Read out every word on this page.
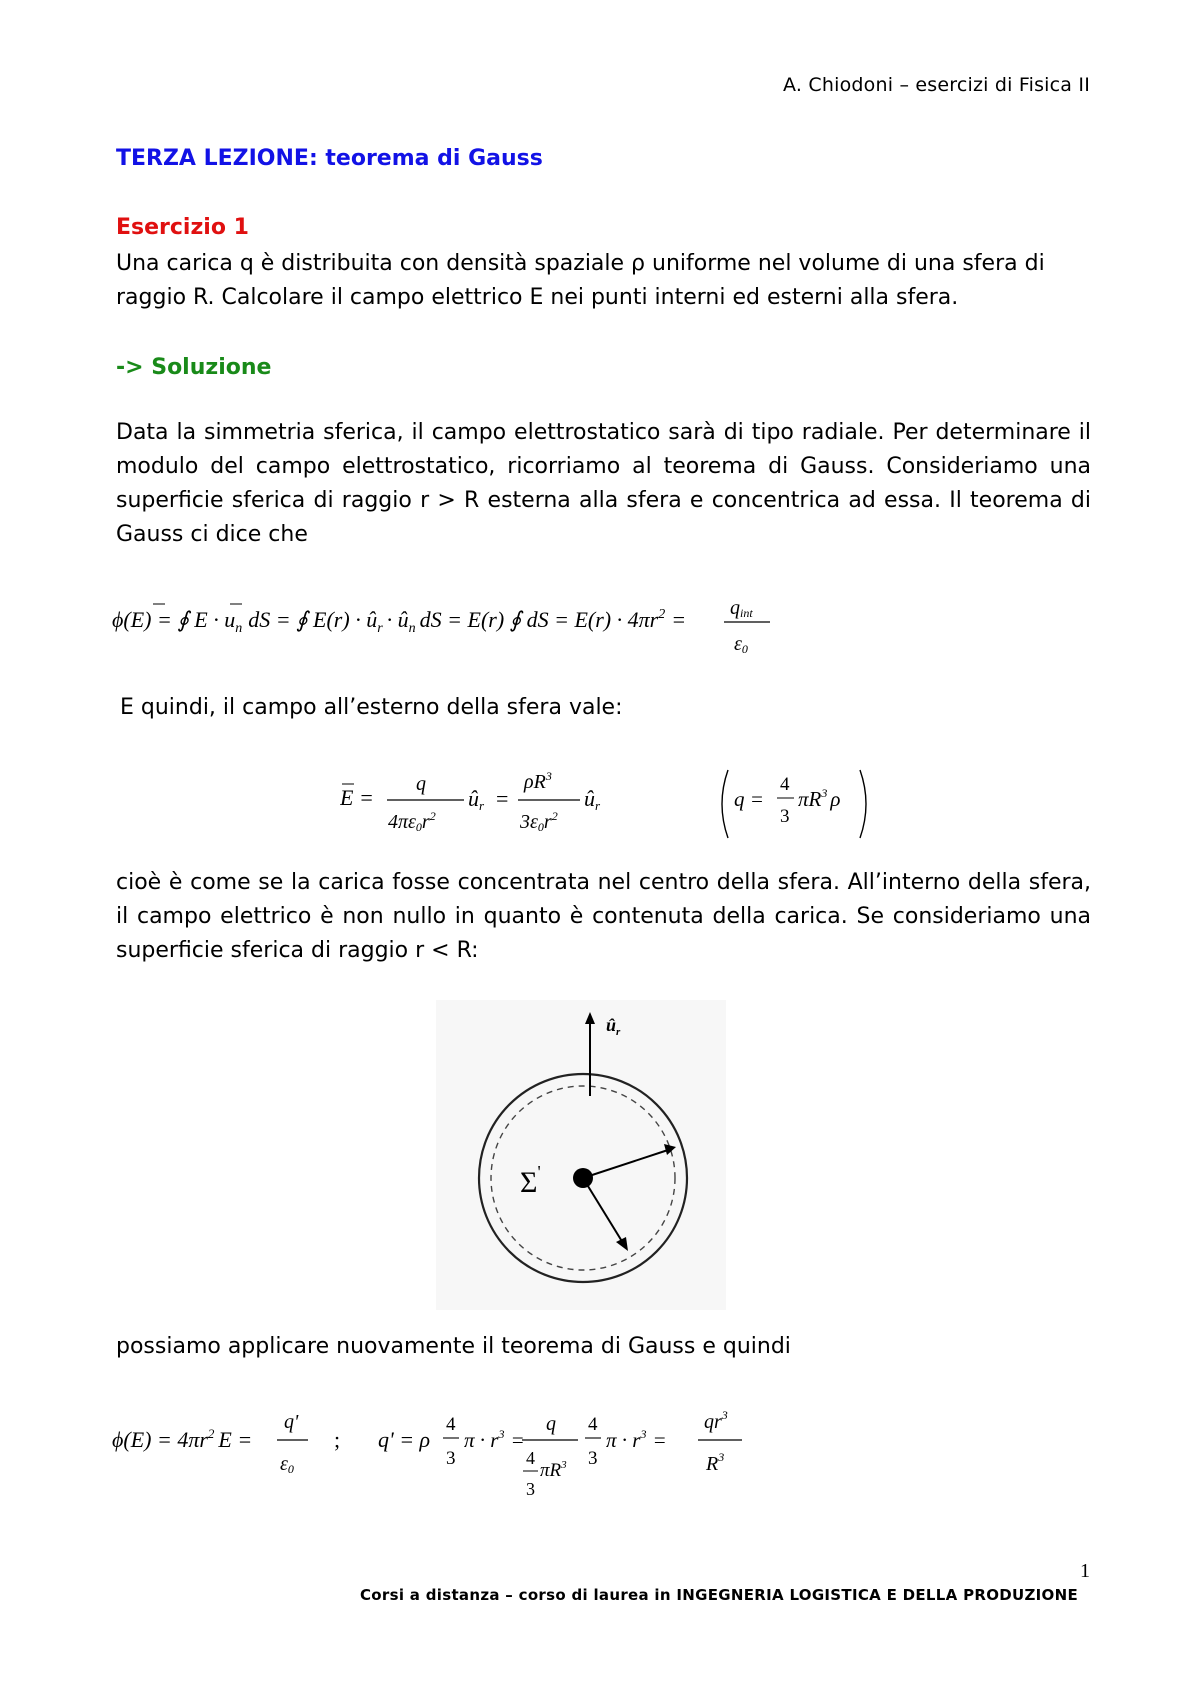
A. Chiodoni – esercizi di Fisica II
TERZA LEZIONE: teorema di Gauss
Esercizio 1
Una carica q è distribuita con densità spaziale ρ uniforme nel volume di una sfera di raggio R. Calcolare il campo elettrico E nei punti interni ed esterni alla sfera.
-> Soluzione
Data la simmetria sferica, il campo elettrostatico sarà di tipo radiale. Per determinare il modulo del campo elettrostatico, ricorriamo al teorema di Gauss. Consideriamo una superficie sferica di raggio r > R esterna alla sfera e concentrica ad essa. Il teorema di Gauss ci dice che
ϕ(E) = ∮ $E \cdot u_n$ dS = ∮ $E(r) \cdot û_r$ · $û_n$ dS = E(r) ∮ dS = $E(r) \cdot 4\pi r^2$ = qint
ε0
E quindi, il campo all’esterno della sfera vale:
E =
q
$4\pi\varepsilon 0r^2$
ûr =
$\rho R^3$
$3\varepsilon 0r^2$
ûr	q =
4
3
$\pi R^3$ ρ
cioè è come se la carica fosse concentrata nel centro della sfera. All’interno della sfera, il campo elettrico è non nullo in quanto è contenuta della carica. Se consideriamo una superficie sferica di raggio r < R:
$û_r$
Σ'
possiamo applicare nuovamente il teorema di Gauss e quindi
$\phi(E) = 4\pi r^2$ E =
q'
ε0
; q' = ρ
4
3
$\pi \cdot r^3$ =
q
4
3
$\pi R^3$
4
3
$\pi \cdot r^3$ =
$qr^3$
$R^3$
1
Corsi a distanza – corso di laurea in INGEGNERIA LOGISTICA E DELLA PRODUZIONE
